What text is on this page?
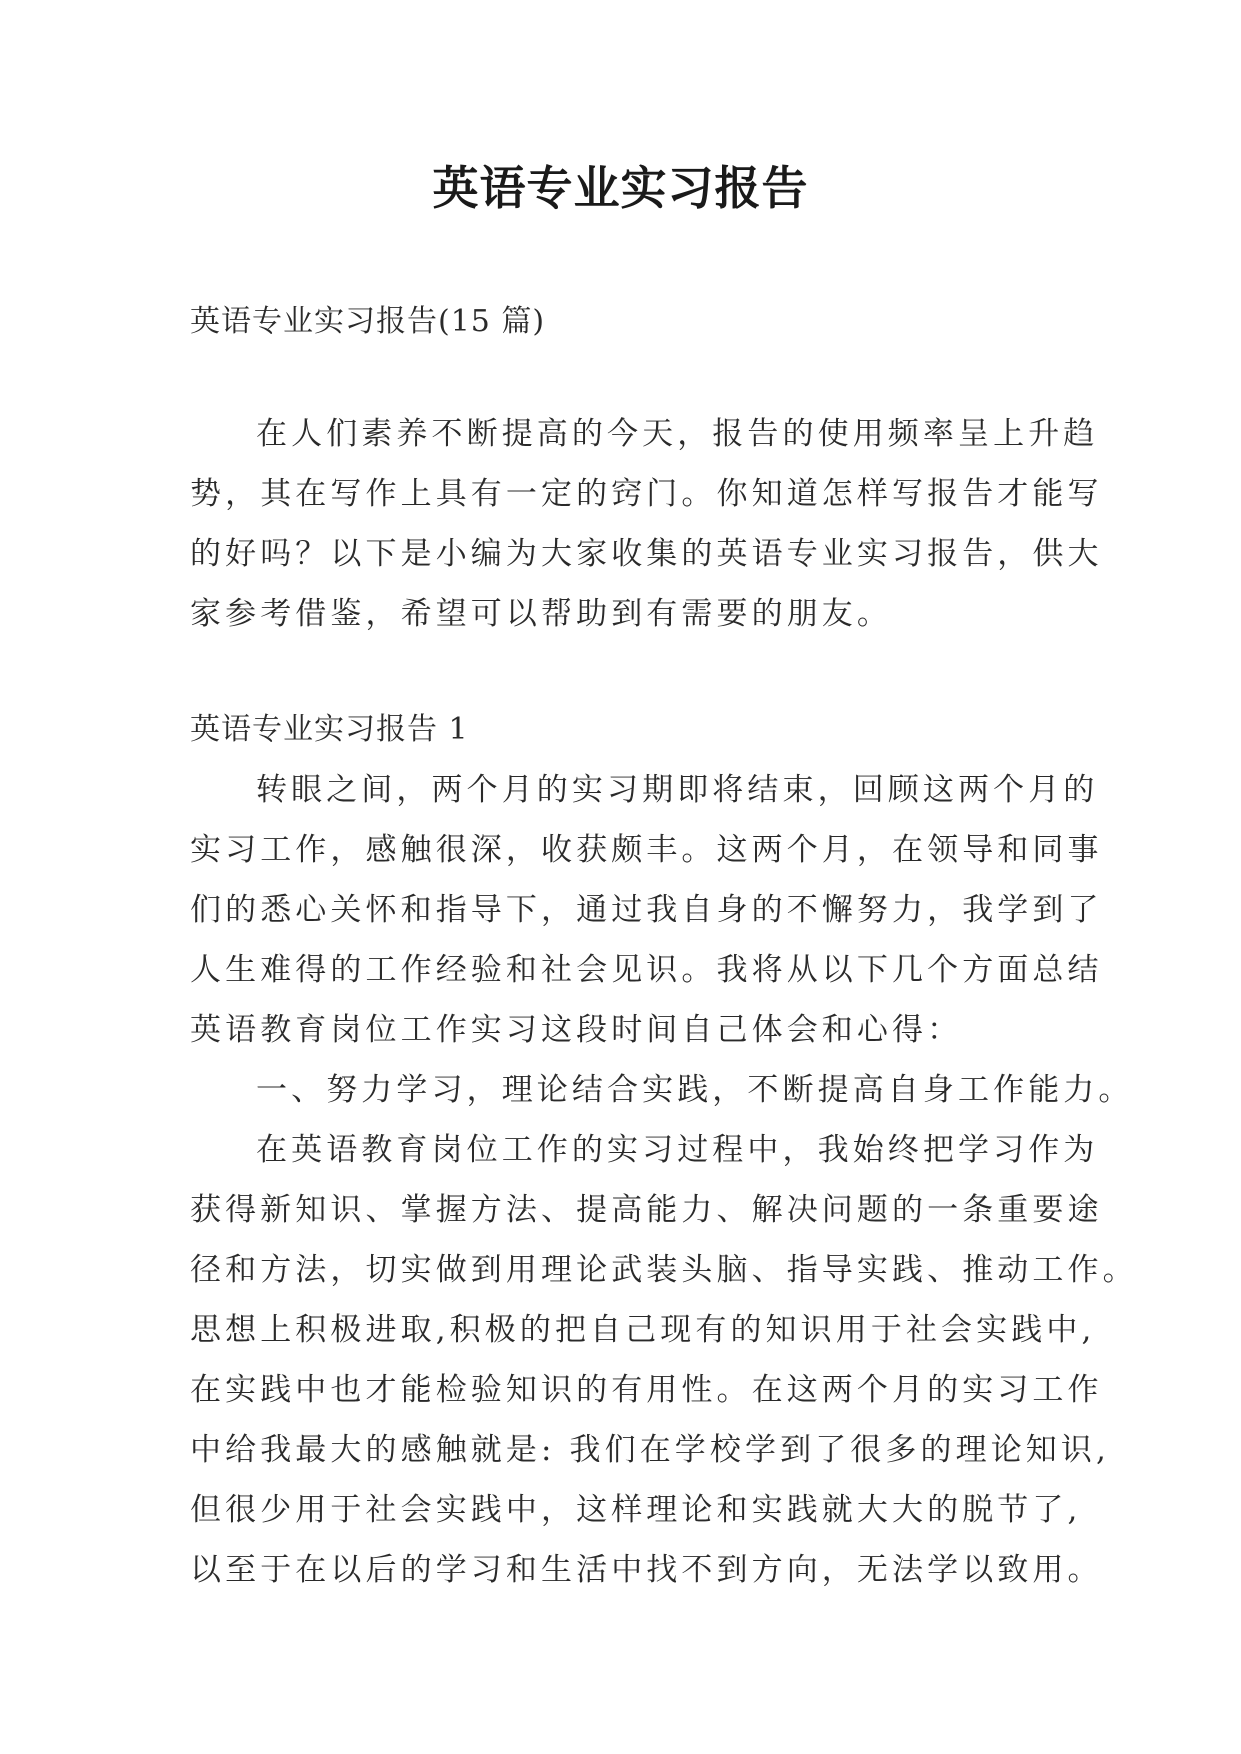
英语专业实习报告
英语专业实习报告(15 篇)
在人们素养不断提高的今天，报告的使用频率呈上升趋
势，其在写作上具有一定的窍门。你知道怎样写报告才能写
的好吗？以下是小编为大家收集的英语专业实习报告，供大
家参考借鉴，希望可以帮助到有需要的朋友。
英语专业实习报告 1
转眼之间，两个月的实习期即将结束，回顾这两个月的
实习工作，感触很深，收获颇丰。这两个月，在领导和同事
们的悉心关怀和指导下，通过我自身的不懈努力，我学到了
人生难得的工作经验和社会见识。我将从以下几个方面总结
英语教育岗位工作实习这段时间自己体会和心得：
一、努力学习，理论结合实践，不断提高自身工作能力。
在英语教育岗位工作的实习过程中，我始终把学习作为
获得新知识、掌握方法、提高能力、解决问题的一条重要途
径和方法，切实做到用理论武装头脑、指导实践、推动工作。
思想上积极进取,积极的把自己现有的知识用于社会实践中,
在实践中也才能检验知识的有用性。在这两个月的实习工作
中给我最大的感触就是: 我们在学校学到了很多的理论知识,
但很少用于社会实践中，这样理论和实践就大大的脱节了,
以至于在以后的学习和生活中找不到方向，无法学以致用。
